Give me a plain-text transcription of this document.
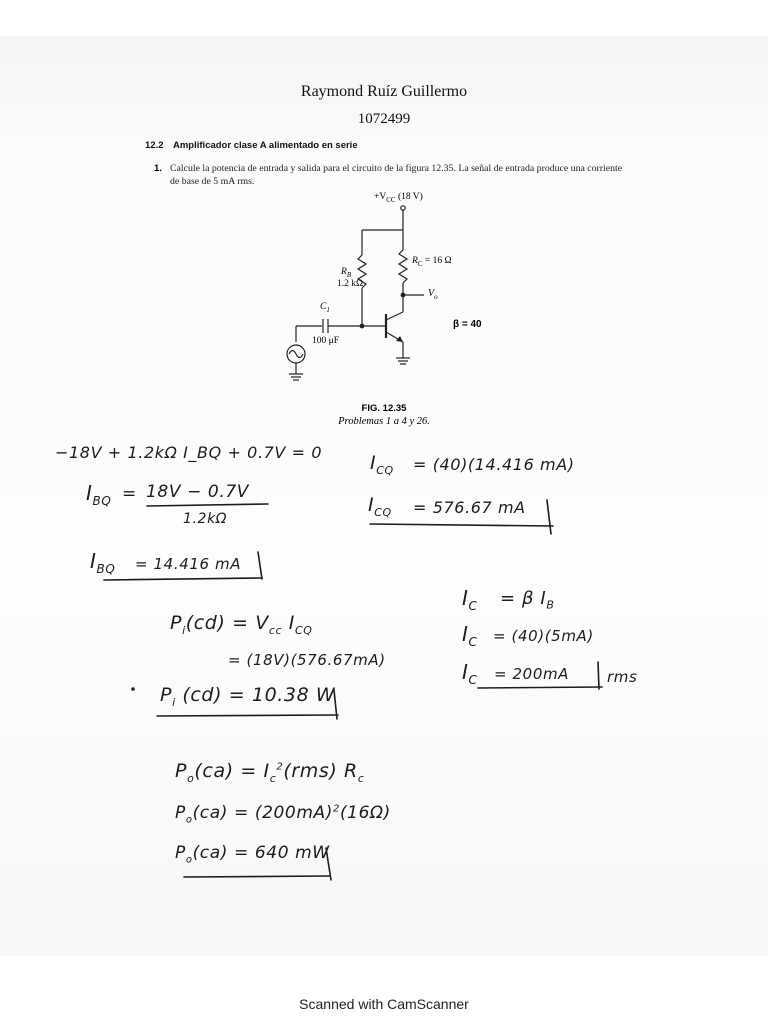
Raymond Ruíz Guillermo
1072499
12.2 Amplificador clase A alimentado en serie
1. Calcule la potencia de entrada y salida para el circuito de la figura 12.35. La señal de entrada produce una corriente de base de 5 mA rms.
$+V_{CC}$ (18 V)
$R_B$
1.2 kΩ
$R_C = 16$ Ω
$V_o$
$C_1$
100 μF
β = 40
FIG. 12.35
Problemas 1 a 4 y 26.
−18V + 1.2kΩ I_BQ + 0.7V = 0
$I_{BQ} = 18V - 0.7V$
1.2kΩ
$I_{BQ} = 14.416$ mA
$I_{CQ} = (40)(14.416$ mA)
$I_{CQ} = 576.67$ mA
$I_C = \beta$ $I_B$
$I_C = (40)(5mA)$
$I_C = 200mA$	rms
$P_i(cd) = V_{cc}$ $I_{CQ}$
= (18V)(576.67mA)
$P_i$ (cd) = 10.38 W
$P_o(ca) = I_c^2(rms)$ $R_c$
$P_o(ca) = (200mA)^2(16\Omega)$
$P_o(ca) = 640$ mW
Scanned with CamScanner
